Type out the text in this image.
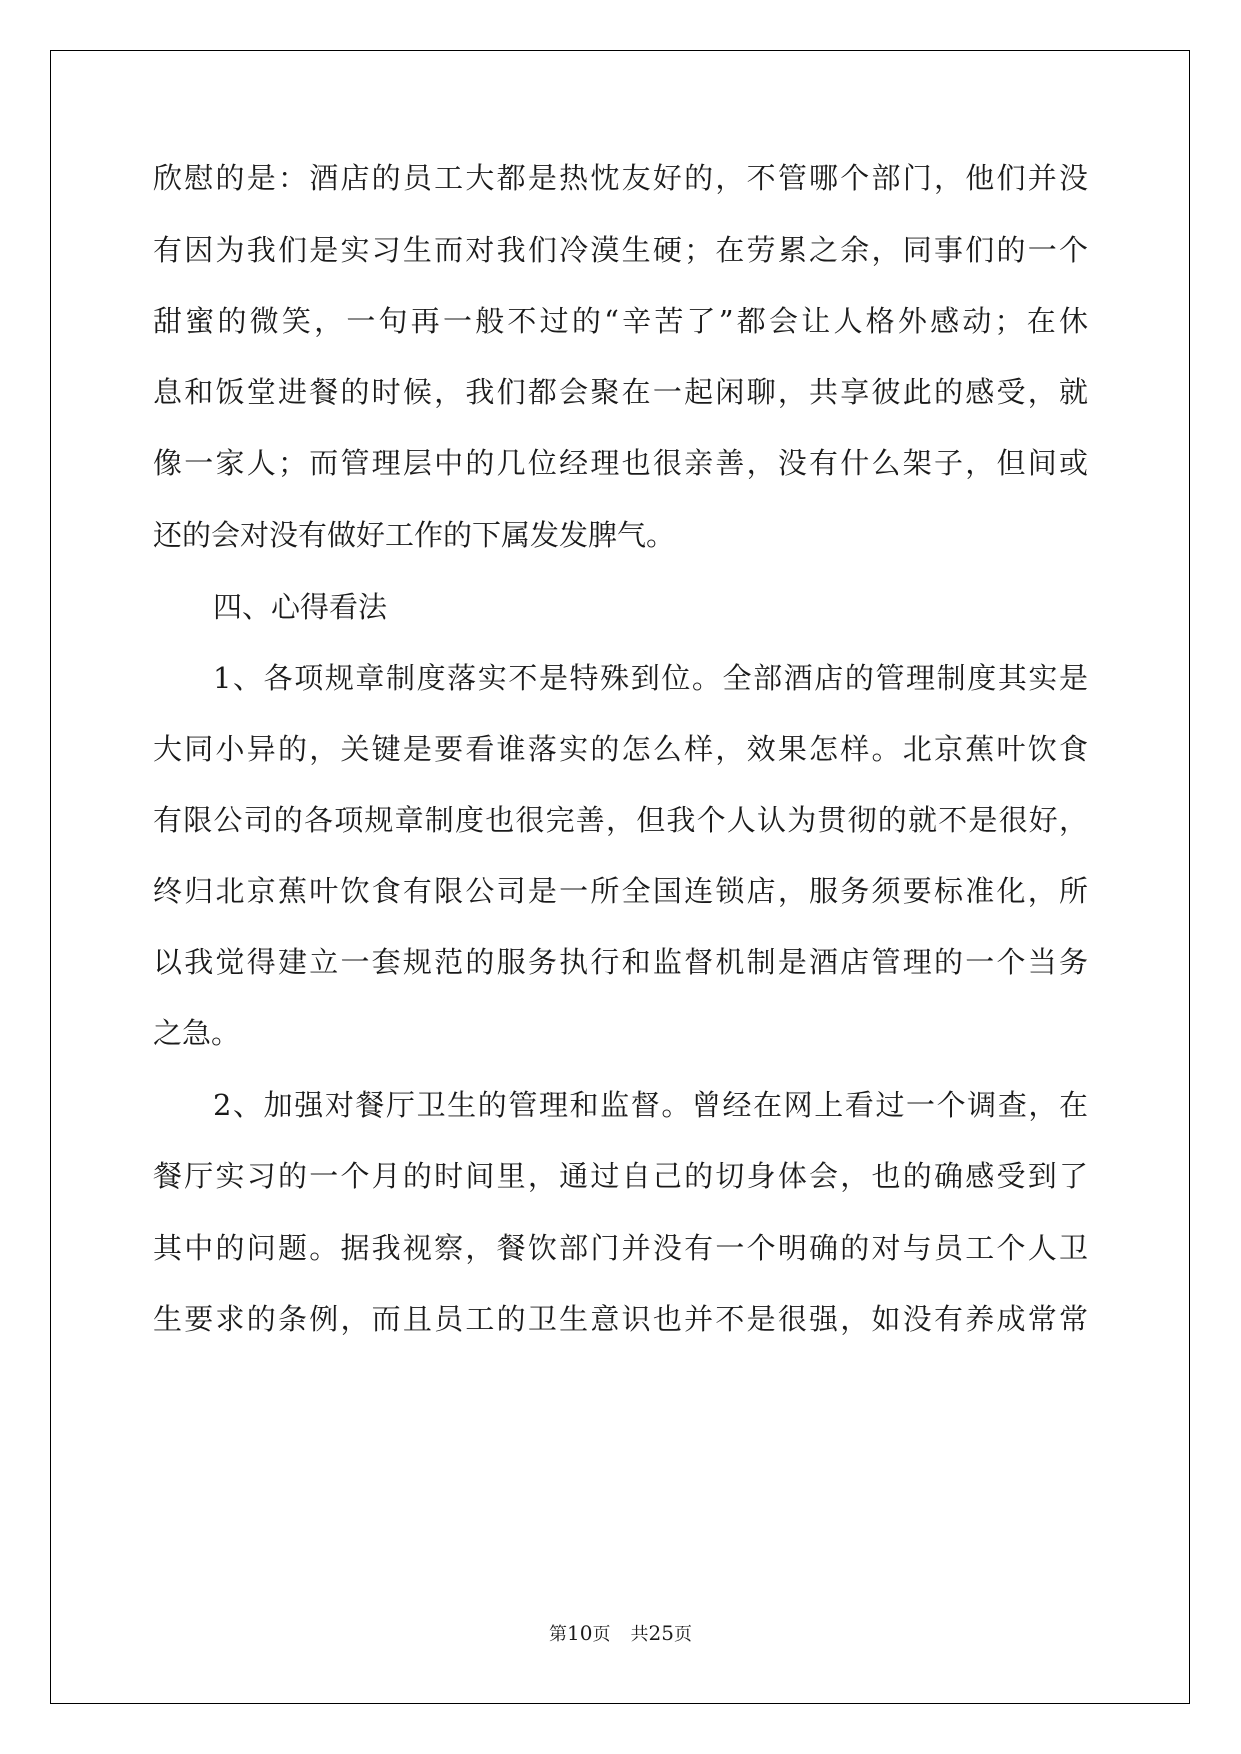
欣慰的是：酒店的员工大都是热忱友好的，不管哪个部门，他们并没
有因为我们是实习生而对我们冷漠生硬；在劳累之余，同事们的一个
甜蜜的微笑，一句再一般不过的“辛苦了”都会让人格外感动；在休
息和饭堂进餐的时候，我们都会聚在一起闲聊，共享彼此的感受，就
像一家人；而管理层中的几位经理也很亲善，没有什么架子，但间或
还的会对没有做好工作的下属发发脾气。
四、心得看法
1、各项规章制度落实不是特殊到位。全部酒店的管理制度其实是
大同小异的，关键是要看谁落实的怎么样，效果怎样。北京蕉叶饮食
有限公司的各项规章制度也很完善，但我个人认为贯彻的就不是很好，
终归北京蕉叶饮食有限公司是一所全国连锁店，服务须要标准化，所
以我觉得建立一套规范的服务执行和监督机制是酒店管理的一个当务
之急。
2、加强对餐厅卫生的管理和监督。曾经在网上看过一个调查，在
餐厅实习的一个月的时间里，通过自己的切身体会，也的确感受到了
其中的问题。据我视察，餐饮部门并没有一个明确的对与员工个人卫
生要求的条例，而且员工的卫生意识也并不是很强，如没有养成常常
第10页 共25页
